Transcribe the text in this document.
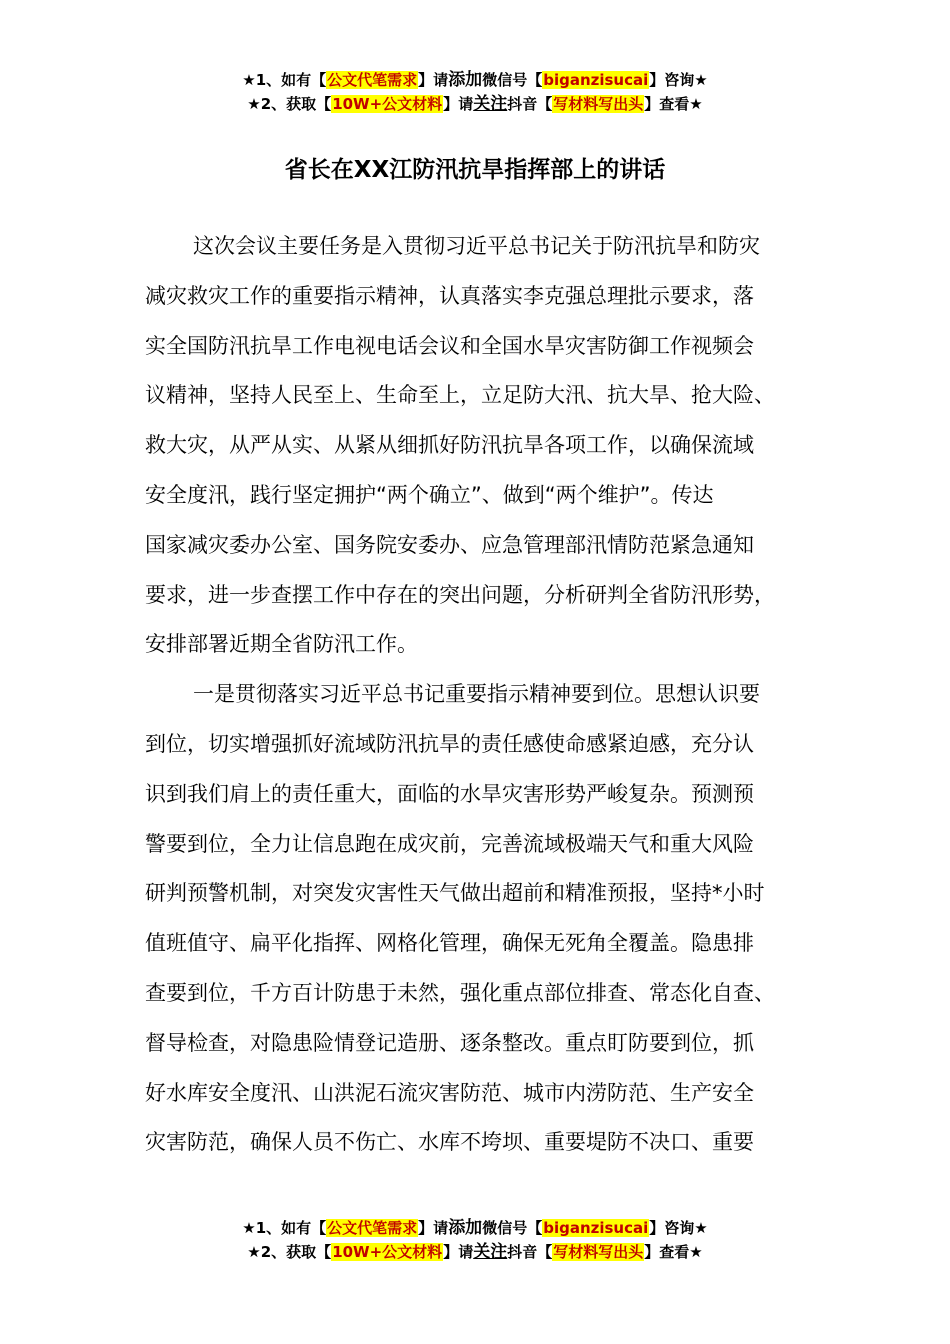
★1、如有【公文代笔需求】请添加微信号【biganzisucai】咨询★
★2、获取【10W+公文材料】请关注抖音【写材料写出头】查看★
省长在XX江防汛抗旱指挥部上的讲话
这次会议主要任务是入贯彻习近平总书记关于防汛抗旱和防灾
减灾救灾工作的重要指示精神，认真落实李克强总理批示要求，落
实全国防汛抗旱工作电视电话会议和全国水旱灾害防御工作视频会
议精神，坚持人民至上、生命至上，立足防大汛、抗大旱、抢大险、
救大灾，从严从实、从紧从细抓好防汛抗旱各项工作，以确保流域
安全度汛，践行坚定拥护“两个确立”、做到“两个维护”。传达
国家减灾委办公室、国务院安委办、应急管理部汛情防范紧急通知
要求，进一步查摆工作中存在的突出问题，分析研判全省防汛形势，
安排部署近期全省防汛工作。
一是贯彻落实习近平总书记重要指示精神要到位。思想认识要
到位，切实增强抓好流域防汛抗旱的责任感使命感紧迫感，充分认
识到我们肩上的责任重大，面临的水旱灾害形势严峻复杂。预测预
警要到位，全力让信息跑在成灾前，完善流域极端天气和重大风险
研判预警机制，对突发灾害性天气做出超前和精准预报，坚持*小时
值班值守、扁平化指挥、网格化管理，确保无死角全覆盖。隐患排
查要到位，千方百计防患于未然，强化重点部位排查、常态化自查、
督导检查，对隐患险情登记造册、逐条整改。重点盯防要到位，抓
好水库安全度汛、山洪泥石流灾害防范、城市内涝防范、生产安全
灾害防范，确保人员不伤亡、水库不垮坝、重要堤防不决口、重要
★1、如有【公文代笔需求】请添加微信号【biganzisucai】咨询★
★2、获取【10W+公文材料】请关注抖音【写材料写出头】查看★
